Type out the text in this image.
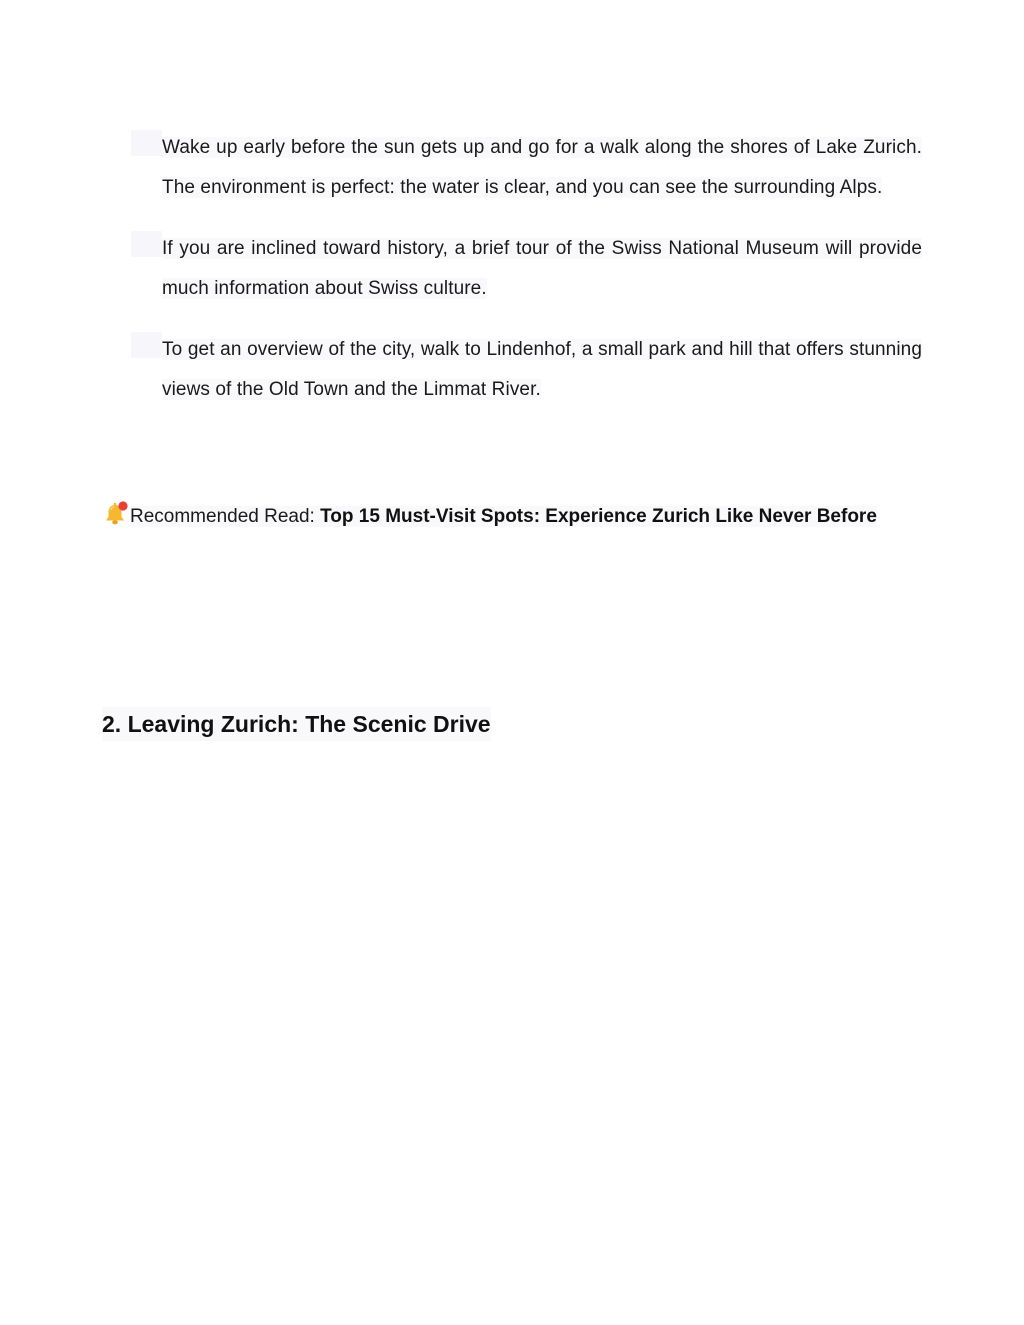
Wake up early before the sun gets up and go for a walk along the shores of Lake Zurich. The environment is perfect: the water is clear, and you can see the surrounding Alps.
If you are inclined toward history, a brief tour of the Swiss National Museum will provide much information about Swiss culture.
To get an overview of the city, walk to Lindenhof, a small park and hill that offers stunning views of the Old Town and the Limmat River.

Recommended Read: Top 15 Must-Visit Spots: Experience Zurich Like Never Before

2. Leaving Zurich: The Scenic Drive
